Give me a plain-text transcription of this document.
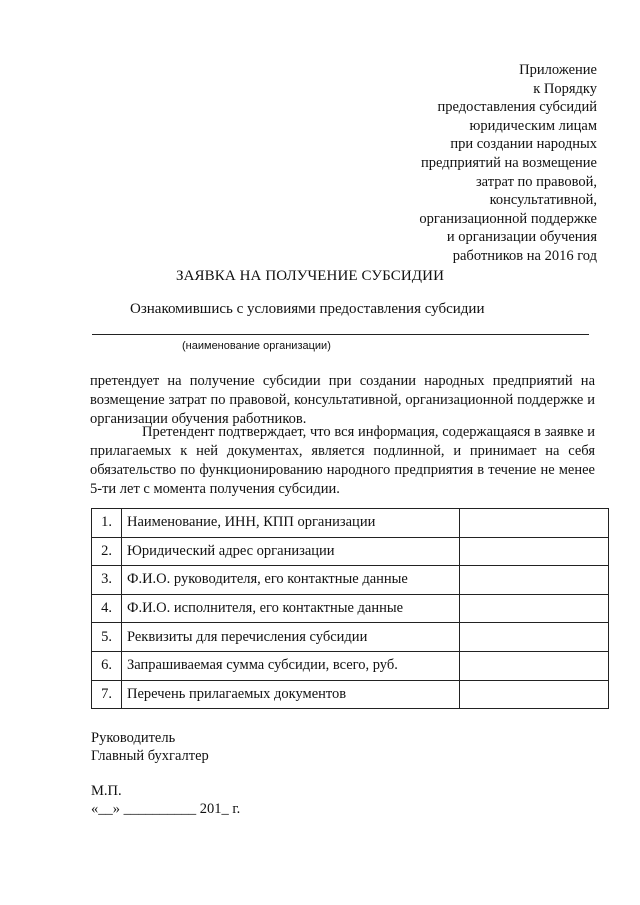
Приложение
к Порядку
предоставления субсидий
юридическим лицам
при создании народных
предприятий на возмещение
затрат по правовой,
консультативной,
организационной поддержке
и организации обучения
работников на 2016 год
ЗАЯВКА НА ПОЛУЧЕНИЕ СУБСИДИИ
Ознакомившись с условиями предоставления субсидии
(наименование организации)
претендует на получение субсидии при создании народных предприятий на возмещение затрат по правовой, консультативной, организационной поддержке и организации обучения работников.
Претендент подтверждает, что вся информация, содержащаяся в заявке и прилагаемых к ней документах, является подлинной, и принимает на себя обязательство по функционированию народного предприятия в течение не менее 5-ти лет с момента получения субсидии.
1.	Наименование, ИНН, КПП организации	
2.	Юридический адрес организации	
3.	Ф.И.О. руководителя, его контактные данные	
4.	Ф.И.О. исполнителя, его контактные данные	
5.	Реквизиты для перечисления субсидии	
6.	Запрашиваемая сумма субсидии, всего, руб.	
7.	Перечень прилагаемых документов	
Руководитель
Главный бухгалтер
М.П.
«__» __________ 201_ г.
